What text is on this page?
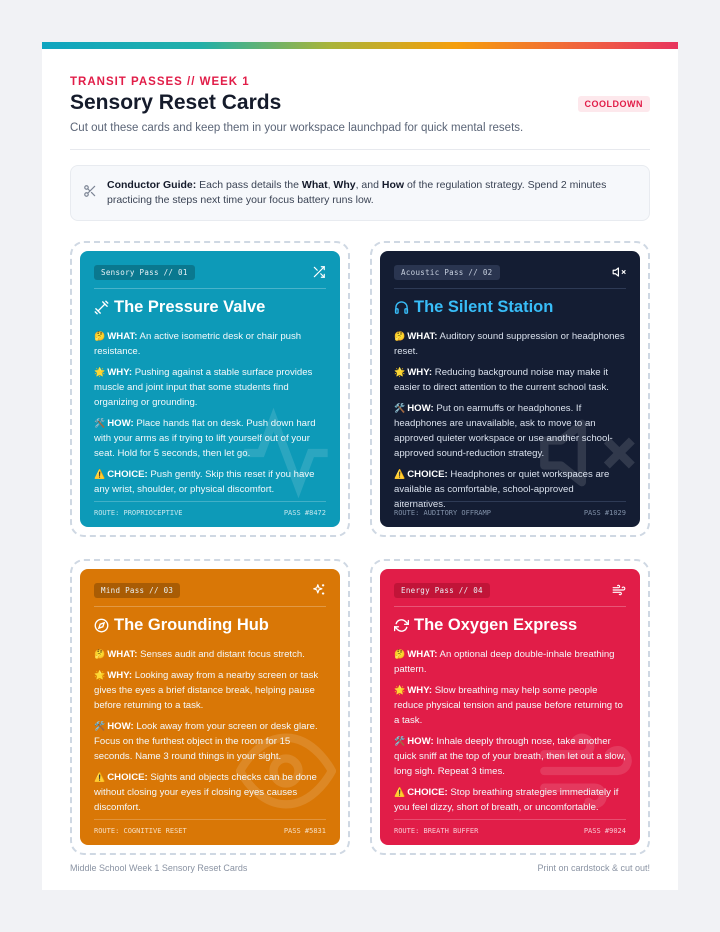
TRANSIT PASSES // WEEK 1
Sensory Reset Cards	COOLDOWN
Cut out these cards and keep them in your workspace launchpad for quick mental resets.
Conductor Guide: Each pass details the What, Why, and How of the regulation strategy. Spend 2 minutes practicing the steps next time your focus battery runs low.
Sensory Pass // 01
The Pressure Valve

🤔 WHAT: An active isometric desk or chair push resistance.

🌟 WHY: Pushing against a stable surface provides muscle and joint input that some students find organizing or grounding.

🛠️ HOW: Place hands flat on desk. Push down hard with your arms as if trying to lift yourself out of your seat. Hold for 5 seconds, then let go.

⚠️ CHOICE: Push gently. Skip this reset if you have any wrist, shoulder, or physical discomfort.

ROUTE: PROPRIOCEPTIVE	PASS #8472
Acoustic Pass // 02
The Silent Station

🤔 WHAT: Auditory sound suppression or headphones reset.

🌟 WHY: Reducing background noise may make it easier to direct attention to the current school task.

🛠️ HOW: Put on earmuffs or headphones. If headphones are unavailable, ask to move to an approved quieter workspace or use another school-approved sound-reduction strategy.

⚠️ CHOICE: Headphones or quiet workspaces are available as comfortable, school-approved alternatives.

ROUTE: AUDITORY OFFRAMP	PASS #1029
Mind Pass // 03
The Grounding Hub

🤔 WHAT: Senses audit and distant focus stretch.

🌟 WHY: Looking away from a nearby screen or task gives the eyes a brief distance break, helping pause before returning to a task.

🛠️ HOW: Look away from your screen or desk glare. Focus on the furthest object in the room for 15 seconds. Name 3 round things in your sight.

⚠️ CHOICE: Sights and objects checks can be done without closing your eyes if closing eyes causes discomfort.

ROUTE: COGNITIVE RESET	PASS #5831
Energy Pass // 04
The Oxygen Express

🤔 WHAT: An optional deep double-inhale breathing pattern.

🌟 WHY: Slow breathing may help some people reduce physical tension and pause before returning to a task.

🛠️ HOW: Inhale deeply through nose, take another quick sniff at the top of your breath, then let out a slow, long sigh. Repeat 3 times.

⚠️ CHOICE: Stop breathing strategies immediately if you feel dizzy, short of breath, or uncomfortable.

ROUTE: BREATH BUFFER	PASS #9024
Middle School Week 1 Sensory Reset Cards	Print on cardstock & cut out!
